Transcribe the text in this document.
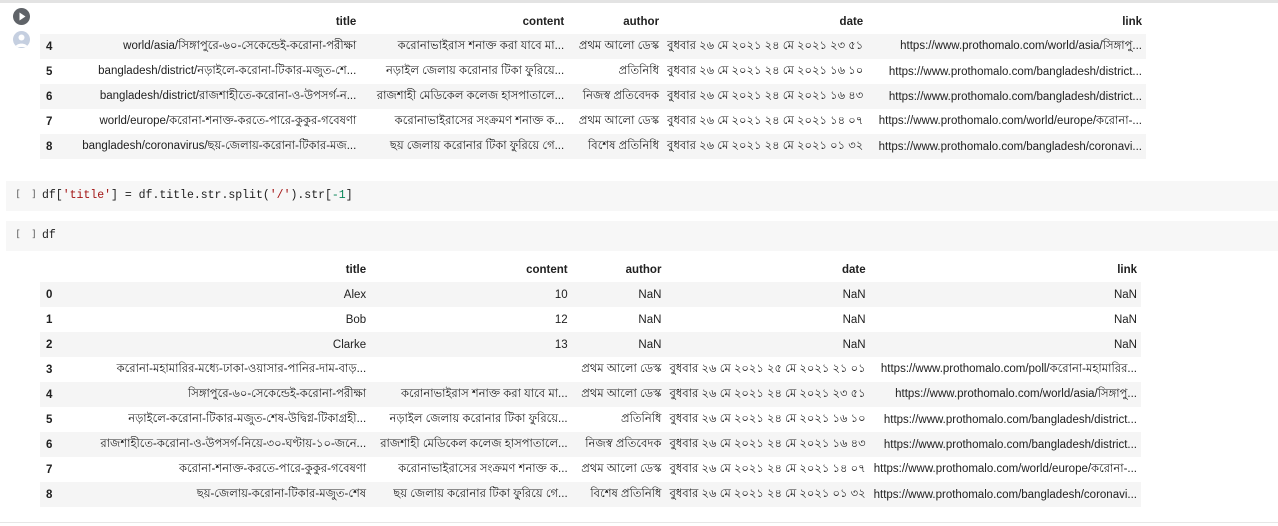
	title	content	author	date	link
4	world/asia/সিঙ্গাপুরে-৬০-সেকেন্ডেই-করোনা-পরীক্ষা	করোনাভাইরাস শনাক্ত করা যাবে মা...	প্রথম আলো ডেস্ক	বুধবার ২৬ মে ২০২১ ২৪ মে ২০২১ ২৩ ৫১	https://www.prothomalo.com/world/asia/সিঙ্গাপু...
5	bangladesh/district/নড়াইলে-করোনা-টিকার-মজুত-শে...	নড়াইল জেলায় করোনার টিকা ফুরিয়ে...	প্রতিনিধি	বুধবার ২৬ মে ২০২১ ২৪ মে ২০২১ ১৬ ১০	https://www.prothomalo.com/bangladesh/district...
6	bangladesh/district/রাজশাহীতে-করোনা-ও-উপসর্গ-ন...	রাজশাহী মেডিকেল কলেজ হাসপাতালে...	নিজস্ব প্রতিবেদক	বুধবার ২৬ মে ২০২১ ২৪ মে ২০২১ ১৬ ৪৩	https://www.prothomalo.com/bangladesh/district...
7	world/europe/করোনা-শনাক্ত-করতে-পারে-কুকুর-গবেষণা	করোনাভাইরাসের সংক্রমণ শনাক্ত ক...	প্রথম আলো ডেস্ক	বুধবার ২৬ মে ২০২১ ২৪ মে ২০২১ ১৪ ০৭	https://www.prothomalo.com/world/europe/করোনা-...
8	bangladesh/coronavirus/ছয়-জেলায়-করোনা-টিকার-মজ...	ছয় জেলায় করোনার টিকা ফুরিয়ে গে...	বিশেষ প্রতিনিধি	বুধবার ২৬ মে ২০২১ ২৪ মে ২০২১ ০১ ৩২	https://www.prothomalo.com/bangladesh/coronavi...
[ ] df['title'] = df.title.str.split('/').str[-1]
[ ] df
	title	content	author	date	link
0	Alex	10	NaN	NaN	NaN
1	Bob	12	NaN	NaN	NaN
2	Clarke	13	NaN	NaN	NaN
3	করোনা-মহামারির-মধ্যে-ঢাকা-ওয়াসার-পানির-দাম-বাড়...		প্রথম আলো ডেস্ক	বুধবার ২৬ মে ২০২১ ২৫ মে ২০২১ ২১ ০১	https://www.prothomalo.com/poll/করোনা-মহামারির...
4	সিঙ্গাপুরে-৬০-সেকেন্ডেই-করোনা-পরীক্ষা	করোনাভাইরাস শনাক্ত করা যাবে মা...	প্রথম আলো ডেস্ক	বুধবার ২৬ মে ২০২১ ২৪ মে ২০২১ ২৩ ৫১	https://www.prothomalo.com/world/asia/সিঙ্গাপু...
5	নড়াইলে-করোনা-টিকার-মজুত-শেষ-উদ্বিগ্ন-টিকাগ্রহী...	নড়াইল জেলায় করোনার টিকা ফুরিয়ে...	প্রতিনিধি	বুধবার ২৬ মে ২০২১ ২৪ মে ২০২১ ১৬ ১০	https://www.prothomalo.com/bangladesh/district...
6	রাজশাহীতে-করোনা-ও-উপসর্গ-নিয়ে-৩০-ঘণ্টায়-১০-জনে...	রাজশাহী মেডিকেল কলেজ হাসপাতালে...	নিজস্ব প্রতিবেদক	বুধবার ২৬ মে ২০২১ ২৪ মে ২০২১ ১৬ ৪৩	https://www.prothomalo.com/bangladesh/district...
7	করোনা-শনাক্ত-করতে-পারে-কুকুর-গবেষণা	করোনাভাইরাসের সংক্রমণ শনাক্ত ক...	প্রথম আলো ডেস্ক	বুধবার ২৬ মে ২০২১ ২৪ মে ২০২১ ১৪ ০৭	https://www.prothomalo.com/world/europe/করোনা-...
8	ছয়-জেলায়-করোনা-টিকার-মজুত-শেষ	ছয় জেলায় করোনার টিকা ফুরিয়ে গে...	বিশেষ প্রতিনিধি	বুধবার ২৬ মে ২০২১ ২৪ মে ২০২১ ০১ ৩২	https://www.prothomalo.com/bangladesh/coronavi...
